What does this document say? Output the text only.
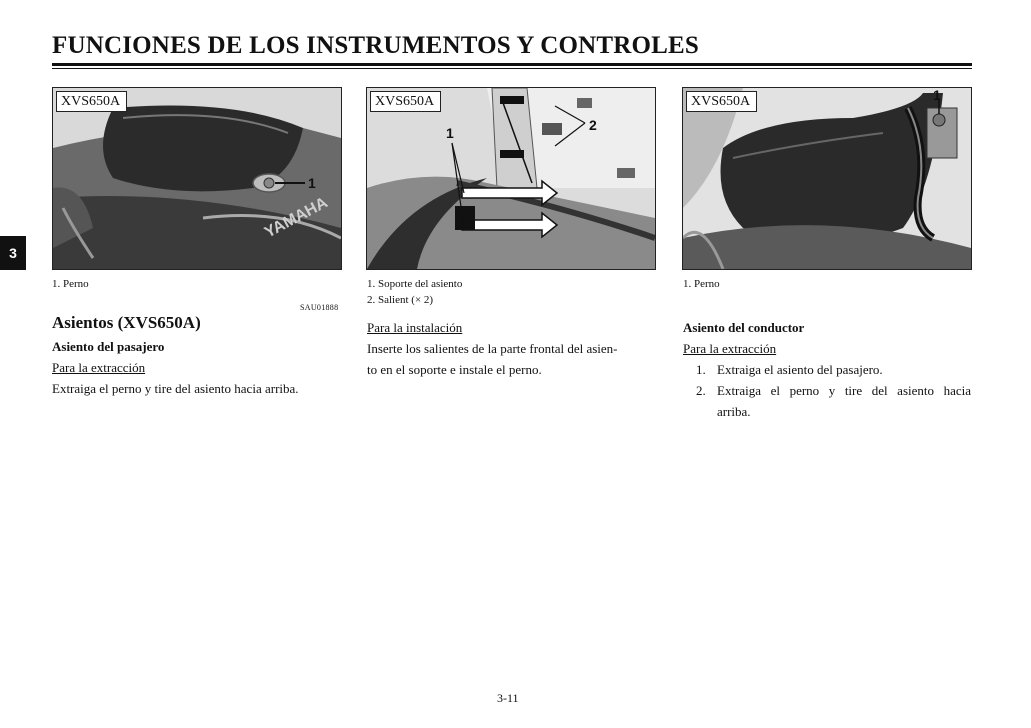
FUNCIONES DE LOS INSTRUMENTOS Y CONTROLES
3
XVS650A
1
YAMAHA
XVS650A
1	2
XVS650A	1
1. Perno	1. Soporte del asiento
2. Salient (× 2)
1. Perno
SAU01888
Asientos (XVS650A)
Asiento del pasajero
Para la extracción
Extraiga el perno y tire del asiento hacia arriba.
Para la instalación
Inserte los salientes de la parte frontal del asien-
to en el soporte e instale el perno.
Asiento del conductor
Para la extracción
1. Extraiga el asiento del pasajero.
2. Extraiga el perno y tire del asiento hacia
arriba.
3-11
